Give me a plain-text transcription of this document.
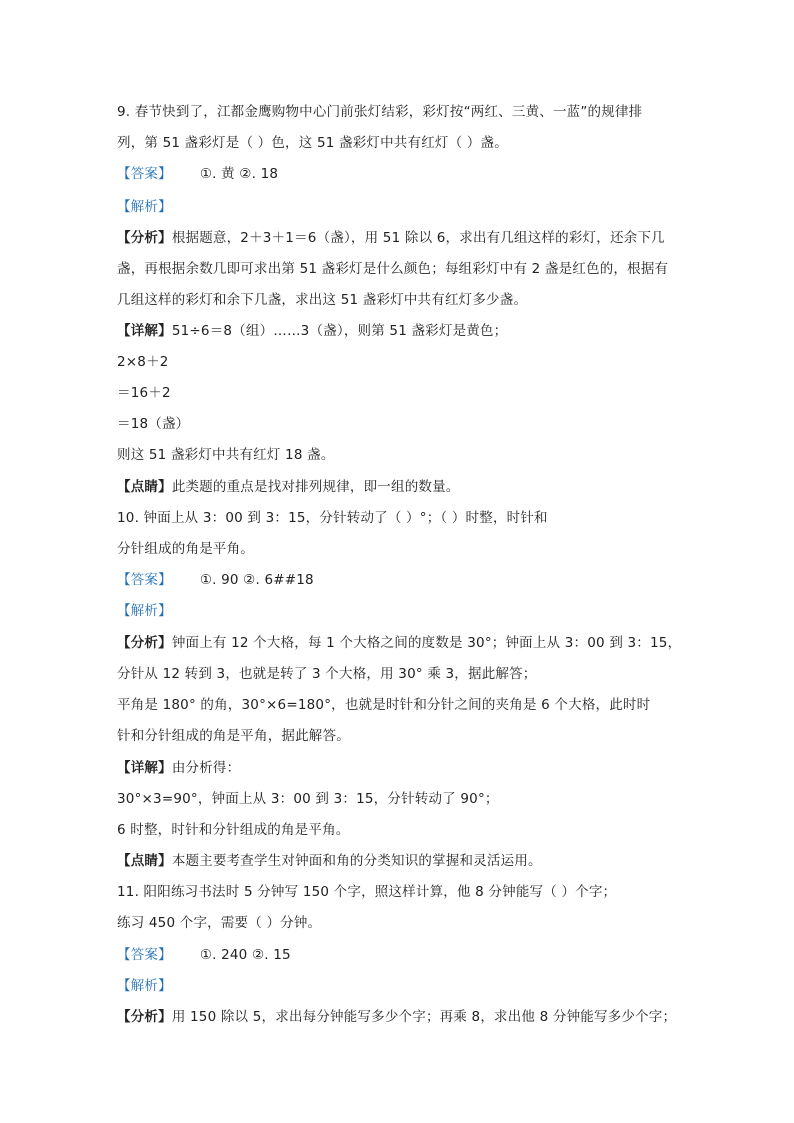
9. 春节快到了，江都金鹰购物中心门前张灯结彩，彩灯按“两红、三黄、一蓝”的规律排
列，第 51 盏彩灯是（ ）色，这 51 盏彩灯中共有红灯（ ）盏。
【答案】 ①. 黄 ②. 18
【解析】
【分析】根据题意，2＋3＋1＝6（盏），用 51 除以 6，求出有几组这样的彩灯，还余下几
盏，再根据余数几即可求出第 51 盏彩灯是什么颜色；每组彩灯中有 2 盏是红色的，根据有
几组这样的彩灯和余下几盏，求出这 51 盏彩灯中共有红灯多少盏。
【详解】51÷6＝8（组）……3（盏），则第 51 盏彩灯是黄色；
2×8＋2
＝16＋2
＝18（盏）
则这 51 盏彩灯中共有红灯 18 盏。
【点睛】此类题的重点是找对排列规律，即一组的数量。
10. 钟面上从 3：00 到 3：15，分针转动了（ ）°；（ ）时整，时针和
分针组成的角是平角。
【答案】 ①. 90 ②. 6##18
【解析】
【分析】钟面上有 12 个大格，每 1 个大格之间的度数是 30°；钟面上从 3：00 到 3：15，
分针从 12 转到 3，也就是转了 3 个大格，用 30° 乘 3，据此解答；
平角是 180° 的角，30°×6=180°，也就是时针和分针之间的夹角是 6 个大格，此时时
针和分针组成的角是平角，据此解答。
【详解】由分析得：
30°×3=90°，钟面上从 3：00 到 3：15，分针转动了 90°；
6 时整，时针和分针组成的角是平角。
【点睛】本题主要考查学生对钟面和角的分类知识的掌握和灵活运用。
11. 阳阳练习书法时 5 分钟写 150 个字，照这样计算，他 8 分钟能写（ ）个字；
练习 450 个字，需要（ ）分钟。
【答案】 ①. 240 ②. 15
【解析】
【分析】用 150 除以 5，求出每分钟能写多少个字；再乘 8，求出他 8 分钟能写多少个字；
